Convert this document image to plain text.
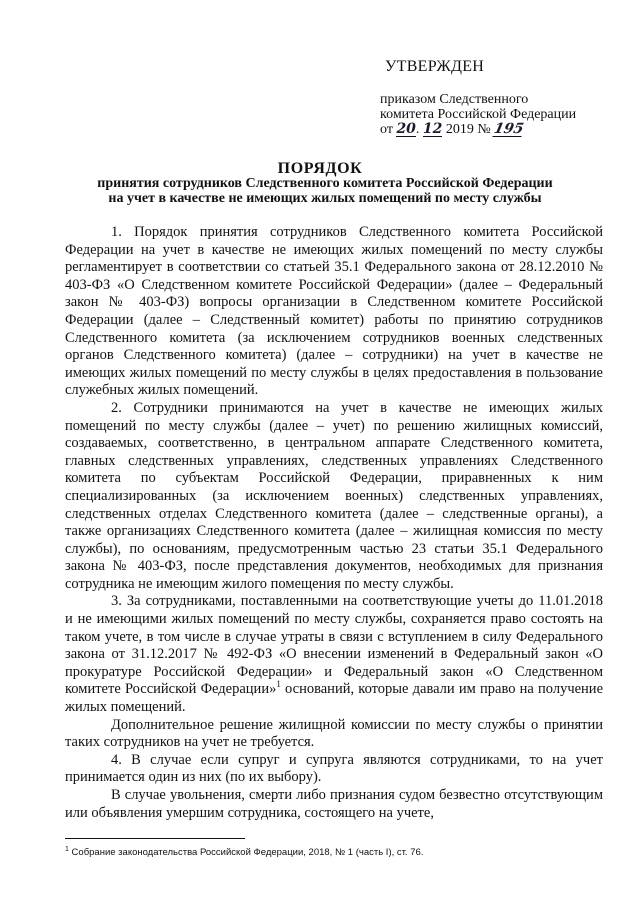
УТВЕРЖДЕН
приказом Следственного
комитета Российской Федерации
от 20. 12 2019 № 195
ПОРЯДОК
принятия сотрудников Следственного комитета Российской Федерации
на учет в качестве не имеющих жилых помещений по месту службы

1. Порядок принятия сотрудников Следственного комитета Российской Федерации на учет в качестве не имеющих жилых помещений по месту службы регламентирует в соответствии со статьей 35.1 Федерального закона от 28.12.2010 № 403-ФЗ «О Следственном комитете Российской Федерации» (далее – Федеральный закон № 403-ФЗ) вопросы организации в Следственном комитете Российской Федерации (далее – Следственный комитет) работы по принятию сотрудников Следственного комитета (за исключением сотрудников военных следственных органов Следственного комитета) (далее – сотрудники) на учет в качестве не имеющих жилых помещений по месту службы в целях предоставления в пользование служебных жилых помещений.

2. Сотрудники принимаются на учет в качестве не имеющих жилых помещений по месту службы (далее – учет) по решению жилищных комиссий, создаваемых, соответственно, в центральном аппарате Следственного комитета, главных следственных управлениях, следственных управлениях Следственного комитета по субъектам Российской Федерации, приравненных к ним специализированных (за исключением военных) следственных управлениях, следственных отделах Следственного комитета (далее – следственные органы), а также организациях Следственного комитета (далее – жилищная комиссия по месту службы), по основаниям, предусмотренным частью 23 статьи 35.1 Федерального закона № 403-ФЗ, после представления документов, необходимых для признания сотрудника не имеющим жилого помещения по месту службы.

3. За сотрудниками, поставленными на соответствующие учеты до 11.01.2018 и не имеющими жилых помещений по месту службы, сохраняется право состоять на таком учете, в том числе в случае утраты в связи с вступлением в силу Федерального закона от 31.12.2017 № 492-ФЗ «О внесении изменений в Федеральный закон «О прокуратуре Российской Федерации» и Федеральный закон «О Следственном комитете Российской Федерации»$^1$ оснований, которые давали им право на получение жилых помещений.

Дополнительное решение жилищной комиссии по месту службы о принятии таких сотрудников на учет не требуется.

4. В случае если супруг и супруга являются сотрудниками, то на учет принимается один из них (по их выбору).

В случае увольнения, смерти либо признания судом безвестно отсутствующим или объявления умершим сотрудника, состоящего на учете,

$^1$ Собрание законодательства Российской Федерации, 2018, № 1 (часть I), ст. 76.
